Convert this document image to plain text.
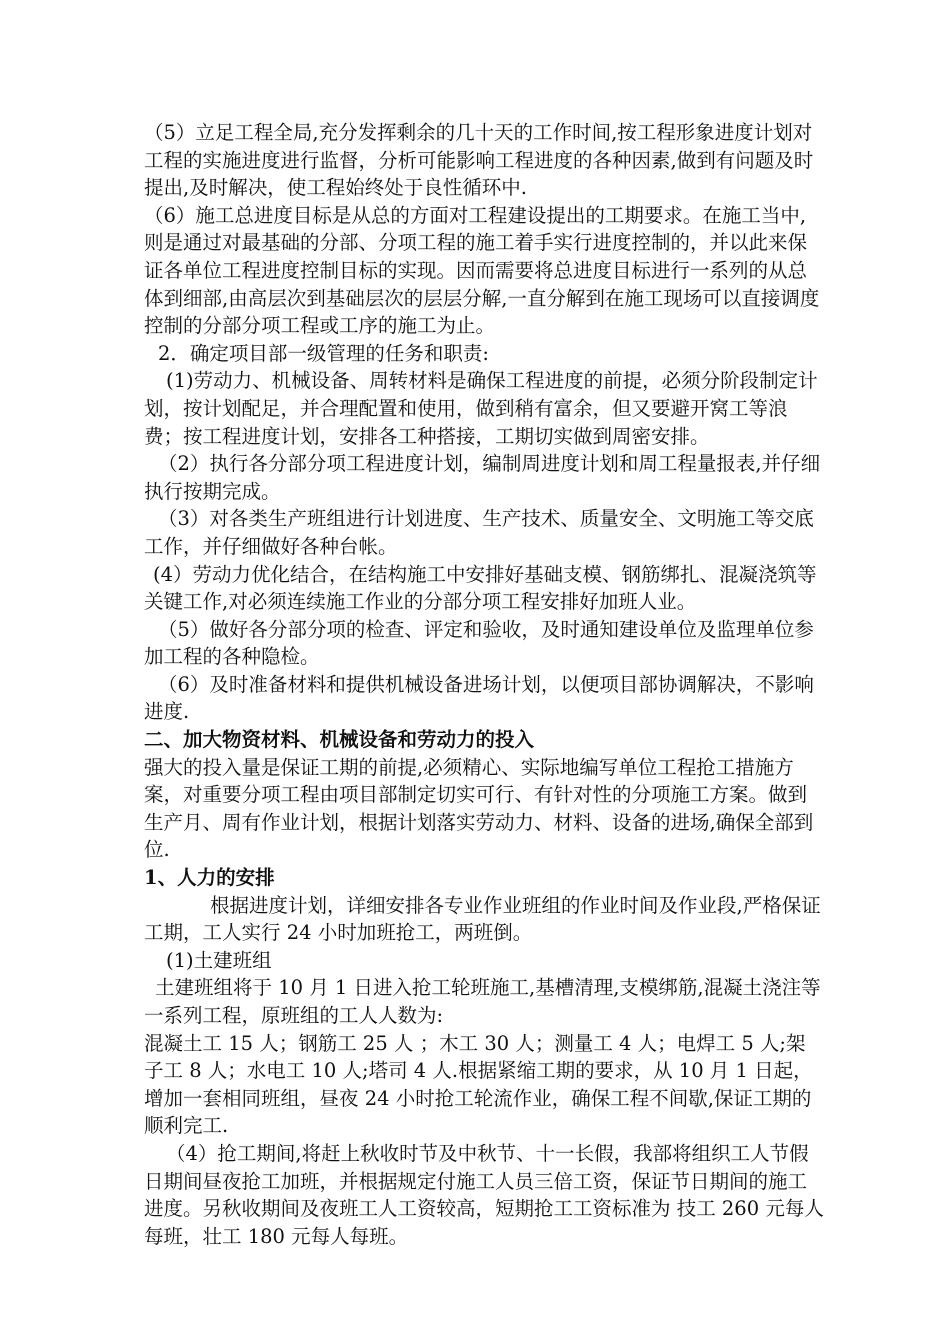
（5）立足工程全局,充分发挥剩余的几十天的工作时间,按工程形象进度计划对工程的实施进度进行监督，分析可能影响工程进度的各种因素,做到有问题及时提出,及时解决，使工程始终处于良性循环中.

（6）施工总进度目标是从总的方面对工程建设提出的工期要求。在施工当中,则是通过对最基础的分部、分项工程的施工着手实行进度控制的，并以此来保证各单位工程进度控制目标的实现。因而需要将总进度目标进行一系列的从总体到细部,由高层次到基础层次的层层分解,一直分解到在施工现场可以直接调度控制的分部分项工程或工序的施工为止。

2．确定项目部一级管理的任务和职责:

(1)劳动力、机械设备、周转材料是确保工程进度的前提，必须分阶段制定计划，按计划配足，并合理配置和使用，做到稍有富余，但又要避开窝工等浪费；按工程进度计划，安排各工种搭接，工期切实做到周密安排。

（2）执行各分部分项工程进度计划，编制周进度计划和周工程量报表,并仔细执行按期完成。

（3）对各类生产班组进行计划进度、生产技术、质量安全、文明施工等交底工作，并仔细做好各种台帐。

(4）劳动力优化结合，在结构施工中安排好基础支模、钢筋绑扎、混凝浇筑等关键工作,对必须连续施工作业的分部分项工程安排好加班人业。

（5）做好各分部分项的检查、评定和验收，及时通知建设单位及监理单位参加工程的各种隐检。

（6）及时准备材料和提供机械设备进场计划，以便项目部协调解决，不影响进度.

二、加大物资材料、机械设备和劳动力的投入

强大的投入量是保证工期的前提,必须精心、实际地编写单位工程抢工措施方案，对重要分项工程由项目部制定切实可行、有针对性的分项施工方案。做到生产月、周有作业计划，根据计划落实劳动力、材料、设备的进场,确保全部到位.

1、人力的安排

根据进度计划，详细安排各专业作业班组的作业时间及作业段,严格保证工期，工人实行 24 小时加班抢工，两班倒。

(1)土建班组

土建班组将于 10 月 1 日进入抢工轮班施工,基槽清理,支模绑筋,混凝土浇注等一系列工程，原班组的工人人数为:

混凝土工 15 人；钢筋工 25 人 ；木工 30 人；测量工 4 人；电焊工 5 人;架子工 8 人；水电工 10 人;塔司 4 人.根据紧缩工期的要求，从 10 月 1 日起，增加一套相同班组，昼夜 24 小时抢工轮流作业，确保工程不间歇,保证工期的顺利完工.

（4）抢工期间,将赶上秋收时节及中秋节、十一长假，我部将组织工人节假日期间昼夜抢工加班，并根据规定付施工人员三倍工资，保证节日期间的施工进度。另秋收期间及夜班工人工资较高，短期抢工工资标准为 技工 260 元每人每班，壮工 180 元每人每班。
